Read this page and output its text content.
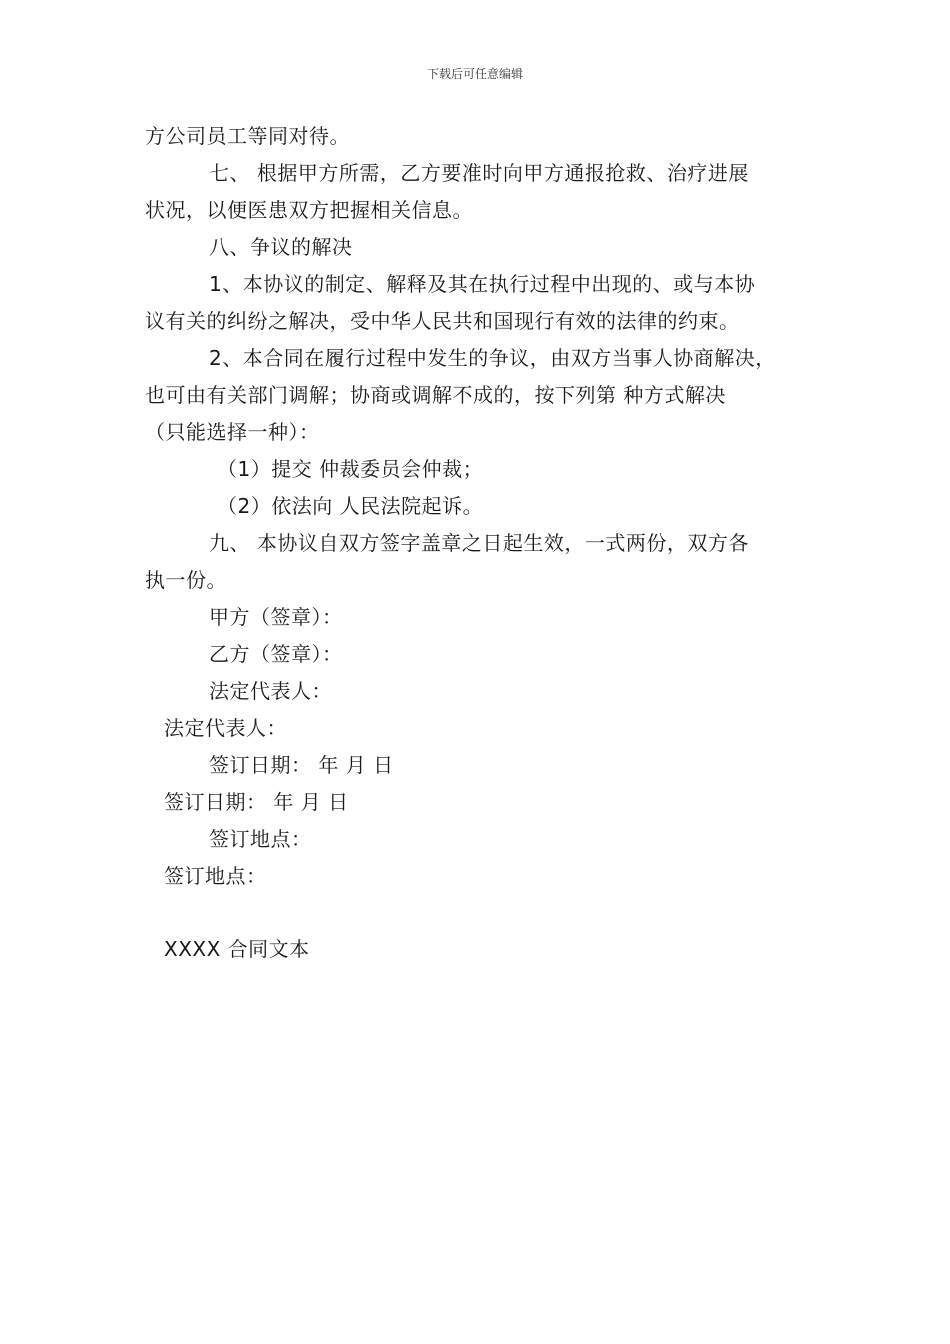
下载后可任意编辑
方公司员工等同对待。
七、 根据甲方所需，乙方要准时向甲方通报抢救、治疗进展
状况，以便医患双方把握相关信息。
八、争议的解决
1、本协议的制定、解释及其在执行过程中出现的、或与本协
议有关的纠纷之解决，受中华人民共和国现行有效的法律的约束。
2、本合同在履行过程中发生的争议，由双方当事人协商解决，
也可由有关部门调解；协商或调解不成的，按下列第 种方式解决
（只能选择一种）：
（1）提交 仲裁委员会仲裁；
（2）依法向 人民法院起诉。
九、 本协议自双方签字盖章之日起生效，一式两份，双方各
执一份。
甲方（签章）：
乙方（签章）：
法定代表人：
法定代表人：
签订日期： 年 月 日
签订日期： 年 月 日
签订地点：
签订地点：
XXXX 合同文本
